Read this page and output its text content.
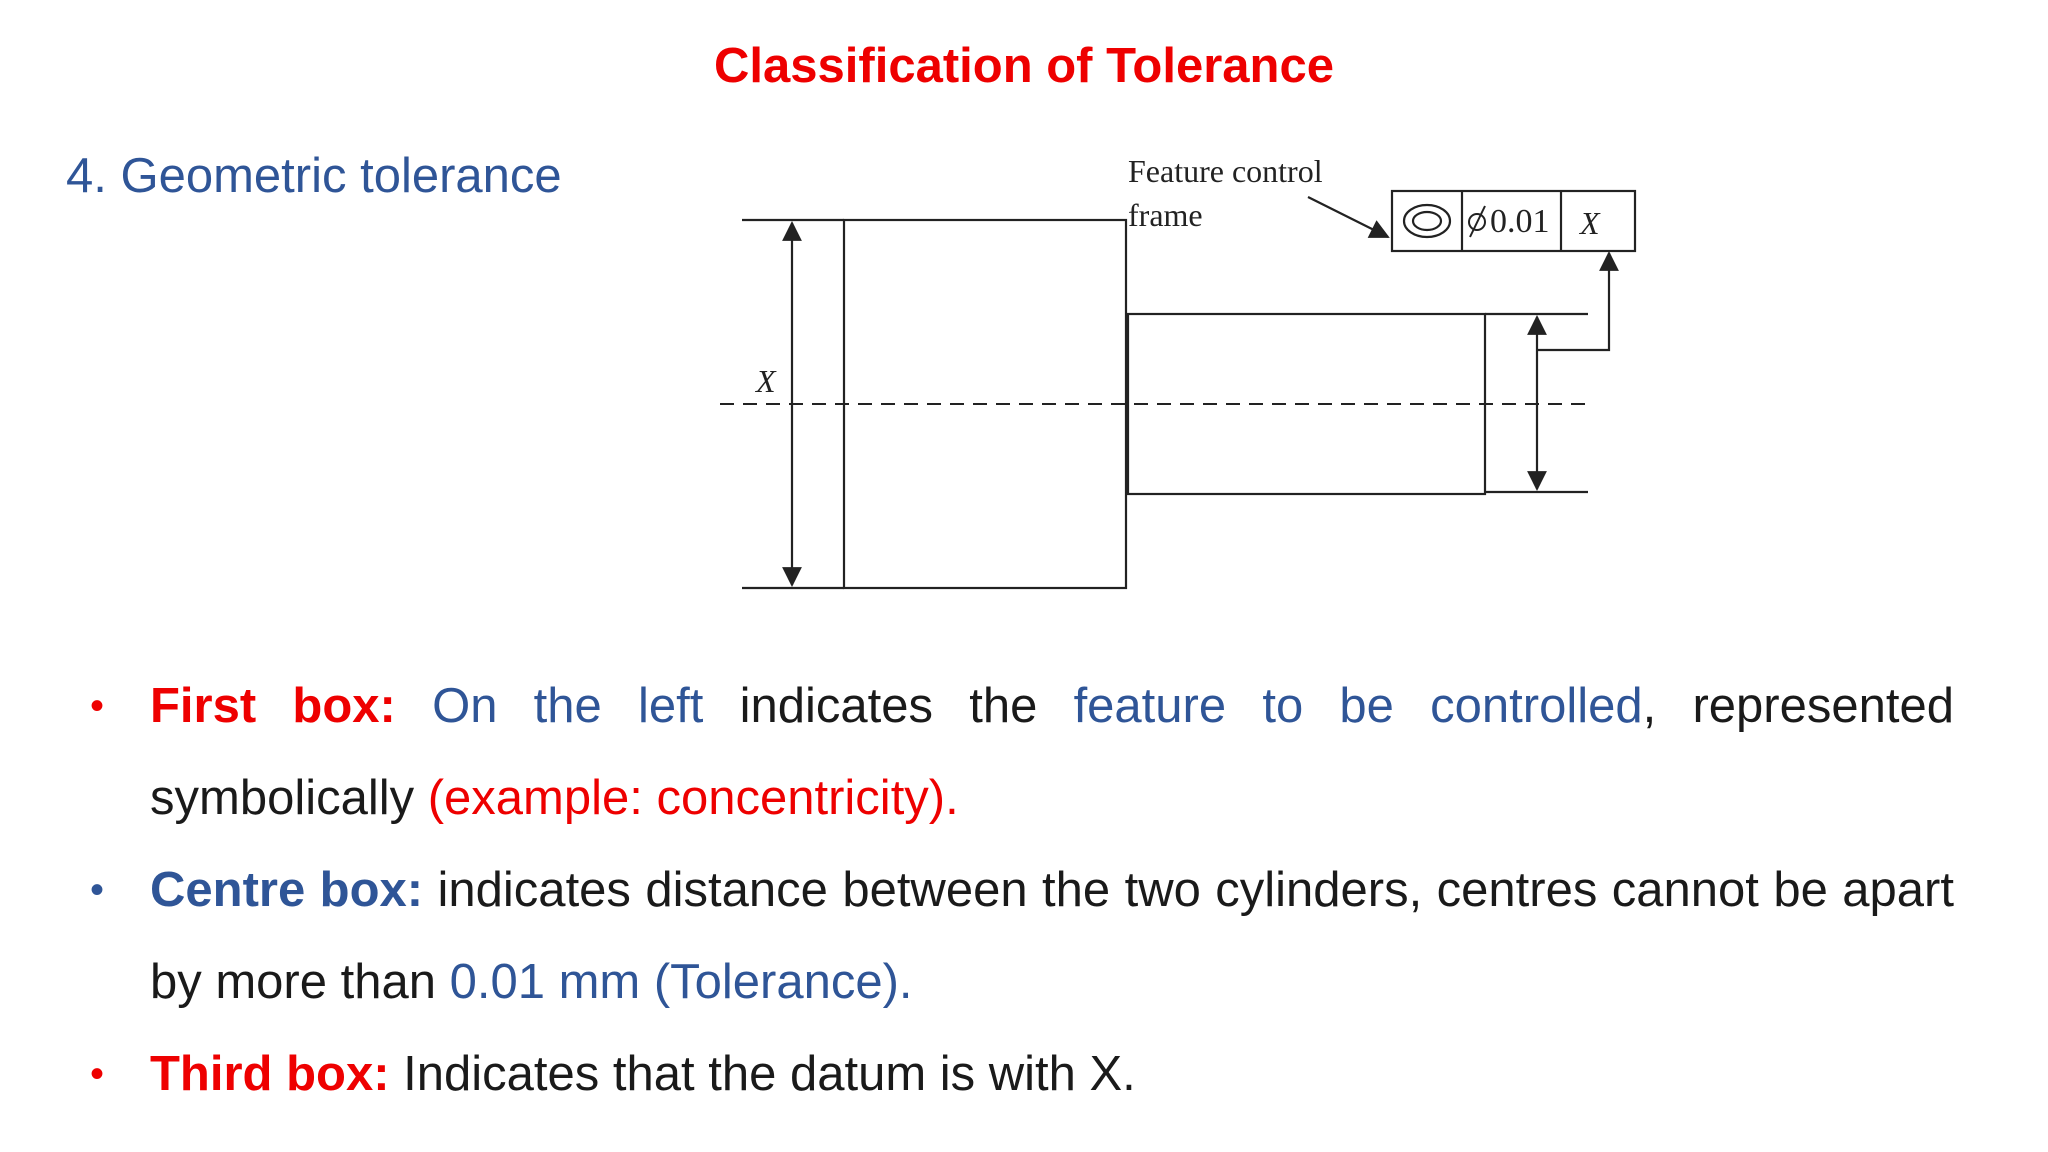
Classification of Tolerance
4. Geometric tolerance	Feature control
frame	0.01 X
X
• First box: On the left indicates the feature to be controlled, represented symbolically (example: concentricity).
• Centre box: indicates distance between the two cylinders, centres cannot be apart by more than 0.01 mm (Tolerance).
• Third box: Indicates that the datum is with X.
